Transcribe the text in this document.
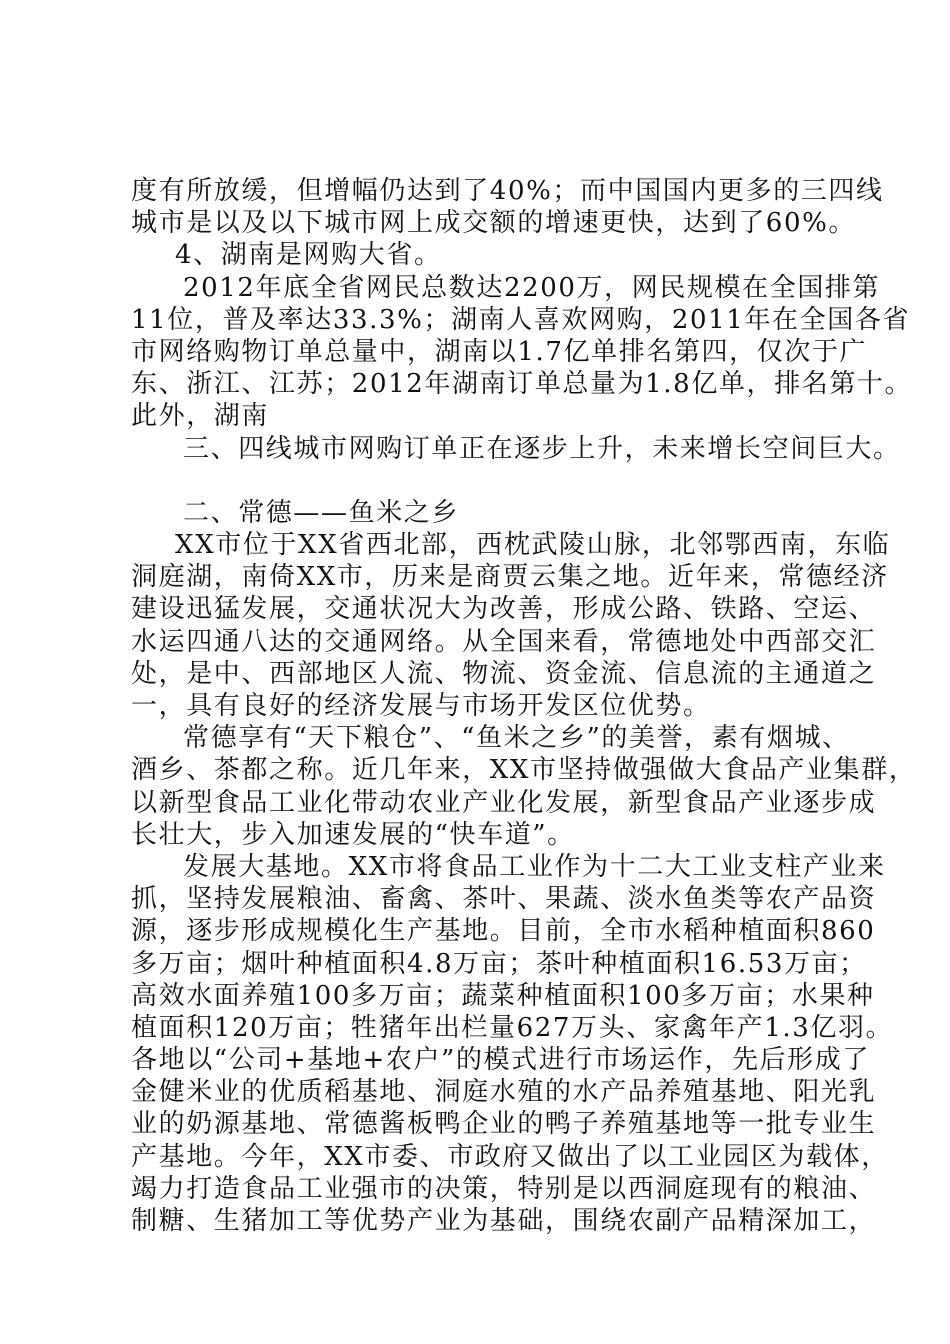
度有所放缓，但增幅仍达到了40%；而中国国内更多的三四线
城市是以及以下城市网上成交额的增速更快，达到了60%。
4、湖南是网购大省。
2012年底全省网民总数达2200万，网民规模在全国排第
11位，普及率达33.3%；湖南人喜欢网购，2011年在全国各省
市网络购物订单总量中，湖南以1.7亿单排名第四，仅次于广
东、浙江、江苏；2012年湖南订单总量为1.8亿单，排名第十。
此外，湖南
三、四线城市网购订单正在逐步上升，未来增长空间巨大。
二、常德——鱼米之乡
XX市位于XX省西北部，西枕武陵山脉，北邻鄂西南，东临
洞庭湖，南倚XX市，历来是商贾云集之地。近年来，常德经济
建设迅猛发展，交通状况大为改善，形成公路、铁路、空运、
水运四通八达的交通网络。从全国来看，常德地处中西部交汇
处，是中、西部地区人流、物流、资金流、信息流的主通道之
一，具有良好的经济发展与市场开发区位优势。
常德享有“天下粮仓”、“鱼米之乡”的美誉，素有烟城、
酒乡、茶都之称。近几年来，XX市坚持做强做大食品产业集群，
以新型食品工业化带动农业产业化发展，新型食品产业逐步成
长壮大，步入加速发展的“快车道”。
发展大基地。XX市将食品工业作为十二大工业支柱产业来
抓，坚持发展粮油、畜禽、茶叶、果蔬、淡水鱼类等农产品资
源，逐步形成规模化生产基地。目前，全市水稻种植面积860
多万亩；烟叶种植面积4.8万亩；茶叶种植面积16.53万亩；
高效水面养殖100多万亩；蔬菜种植面积100多万亩；水果种
植面积120万亩；牲猪年出栏量627万头、家禽年产1.3亿羽。
各地以“公司+基地+农户”的模式进行市场运作，先后形成了
金健米业的优质稻基地、洞庭水殖的水产品养殖基地、阳光乳
业的奶源基地、常德酱板鸭企业的鸭子养殖基地等一批专业生
产基地。今年，XX市委、市政府又做出了以工业园区为载体，
竭力打造食品工业强市的决策，特别是以西洞庭现有的粮油、
制糖、生猪加工等优势产业为基础，围绕农副产品精深加工，
